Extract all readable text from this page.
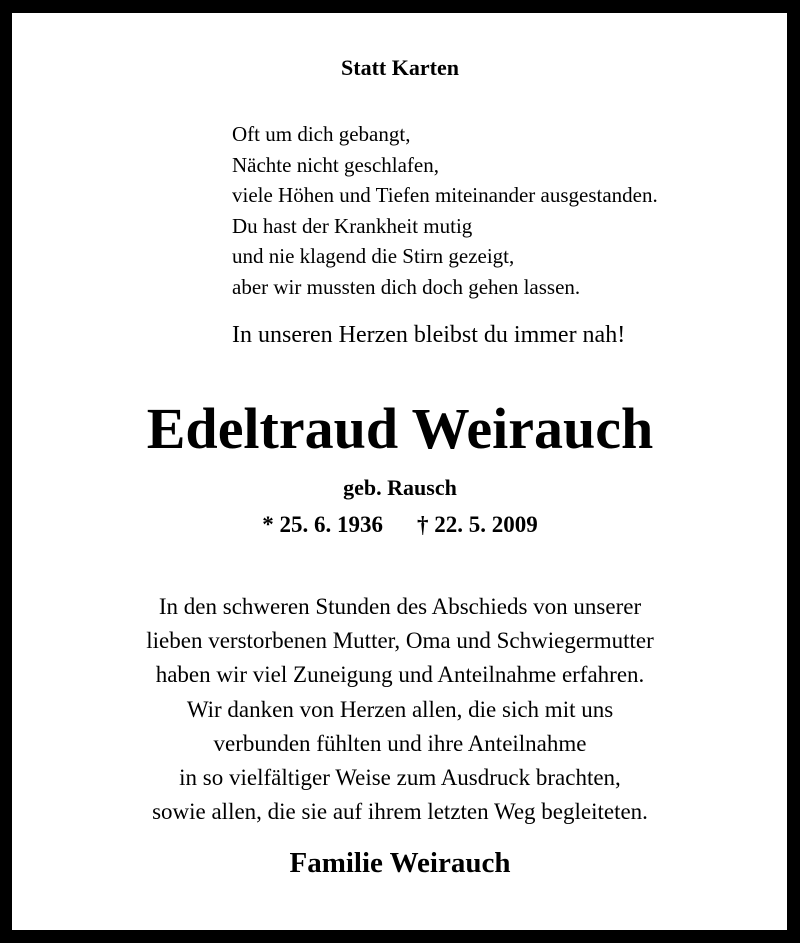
Statt Karten
Oft um dich gebangt,
Nächte nicht geschlafen,
viele Höhen und Tiefen miteinander ausgestanden.
Du hast der Krankheit mutig
und nie klagend die Stirn gezeigt,
aber wir mussten dich doch gehen lassen.
In unseren Herzen bleibst du immer nah!
Edeltraud Weirauch
geb. Rausch
* 25. 6. 1936 † 22. 5. 2009
In den schweren Stunden des Abschieds von unserer
lieben verstorbenen Mutter, Oma und Schwiegermutter
haben wir viel Zuneigung und Anteilnahme erfahren.
Wir danken von Herzen allen, die sich mit uns
verbunden fühlten und ihre Anteilnahme
in so vielfältiger Weise zum Ausdruck brachten,
sowie allen, die sie auf ihrem letzten Weg begleiteten.
Familie Weirauch
